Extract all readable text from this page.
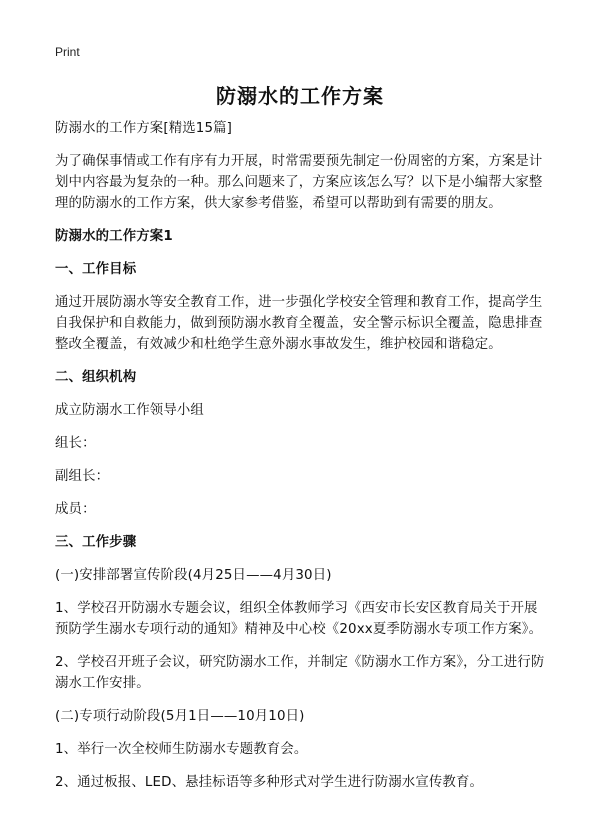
Print
防溺水的工作方案

防溺水的工作方案[精选15篇]

为了确保事情或工作有序有力开展，时常需要预先制定一份周密的方案，方案是计划中内容最为复杂的一种。那么问题来了，方案应该怎么写？以下是小编帮大家整理的防溺水的工作方案，供大家参考借鉴，希望可以帮助到有需要的朋友。

防溺水的工作方案1

一、工作目标

通过开展防溺水等安全教育工作，进一步强化学校安全管理和教育工作，提高学生自我保护和自救能力，做到预防溺水教育全覆盖，安全警示标识全覆盖，隐患排查整改全覆盖，有效减少和杜绝学生意外溺水事故发生，维护校园和谐稳定。

二、组织机构

成立防溺水工作领导小组

组长：

副组长：

成员：

三、工作步骤

(一)安排部署宣传阶段(4月25日——4月30日)

1、学校召开防溺水专题会议，组织全体教师学习《西安市长安区教育局关于开展预防学生溺水专项行动的通知》精神及中心校《20xx夏季防溺水专项工作方案》。

2、学校召开班子会议，研究防溺水工作，并制定《防溺水工作方案》，分工进行防溺水工作安排。

(二)专项行动阶段(5月1日——10月10日)

1、举行一次全校师生防溺水专题教育会。

2、通过板报、LED、悬挂标语等多种形式对学生进行防溺水宣传教育。
